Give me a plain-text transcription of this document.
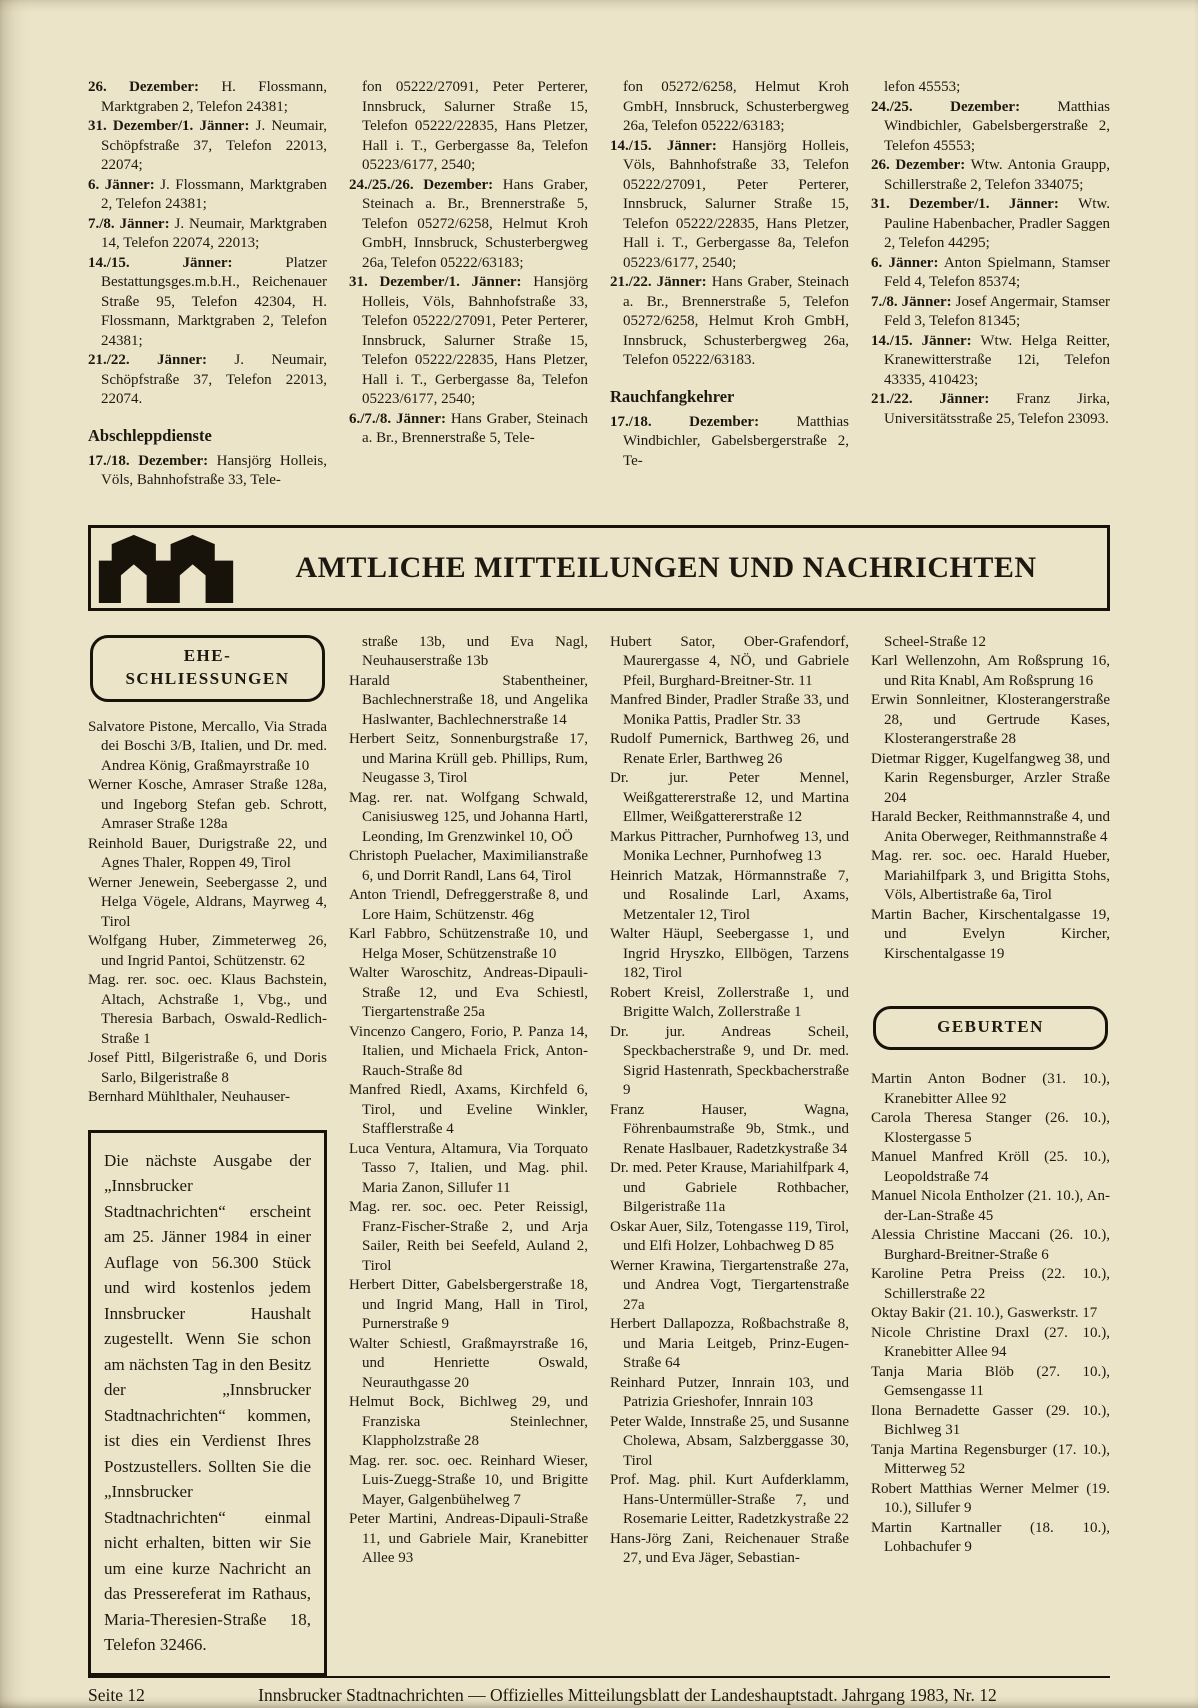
26. Dezember: H. Flossmann, Marktgraben 2, Telefon 24381;

31. Dezember/1. Jänner: J. Neumair, Schöpfstraße 37, Telefon 22013, 22074;

6. Jänner: J. Flossmann, Marktgraben 2, Telefon 24381;

7./8. Jänner: J. Neumair, Marktgraben 14, Telefon 22074, 22013;

14./15. Jänner: Platzer Bestattungsges.m.b.H., Reichenauer Straße 95, Telefon 42304, H. Flossmann, Marktgraben 2, Telefon 24381;

21./22. Jänner: J. Neumair, Schöpfstraße 37, Telefon 22013, 22074.

Abschleppdienste

17./18. Dezember: Hansjörg Holleis, Völs, Bahnhofstraße 33, Tele-

fon 05222/27091, Peter Perterer, Innsbruck, Salurner Straße 15, Telefon 05222/22835, Hans Pletzer, Hall i. T., Gerbergasse 8a, Telefon 05223/6177, 2540;

24./25./26. Dezember: Hans Graber, Steinach a. Br., Brennerstraße 5, Telefon 05272/6258, Helmut Kroh GmbH, Innsbruck, Schusterbergweg 26a, Telefon 05222/63183;

31. Dezember/1. Jänner: Hansjörg Holleis, Völs, Bahnhofstraße 33, Telefon 05222/27091, Peter Perterer, Innsbruck, Salurner Straße 15, Telefon 05222/22835, Hans Pletzer, Hall i. T., Gerbergasse 8a, Telefon 05223/6177, 2540;

6./7./8. Jänner: Hans Graber, Steinach a. Br., Brennerstraße 5, Tele-

fon 05272/6258, Helmut Kroh GmbH, Innsbruck, Schusterbergweg 26a, Telefon 05222/63183;

14./15. Jänner: Hansjörg Holleis, Völs, Bahnhofstraße 33, Telefon 05222/27091, Peter Perterer, Innsbruck, Salurner Straße 15, Telefon 05222/22835, Hans Pletzer, Hall i. T., Gerbergasse 8a, Telefon 05223/6177, 2540;

21./22. Jänner: Hans Graber, Steinach a. Br., Brennerstraße 5, Telefon 05272/6258, Helmut Kroh GmbH, Innsbruck, Schusterbergweg 26a, Telefon 05222/63183.

Rauchfangkehrer

17./18. Dezember: Matthias Windbichler, Gabelsbergerstraße 2, Te-

lefon 45553;

24./25. Dezember: Matthias Windbichler, Gabelsbergerstraße 2, Telefon 45553;

26. Dezember: Wtw. Antonia Graupp, Schillerstraße 2, Telefon 334075;

31. Dezember/1. Jänner: Wtw. Pauline Habenbacher, Pradler Saggen 2, Telefon 44295;

6. Jänner: Anton Spielmann, Stamser Feld 4, Telefon 85374;

7./8. Jänner: Josef Angermair, Stamser Feld 3, Telefon 81345;

14./15. Jänner: Wtw. Helga Reitter, Kranewitterstraße 12i, Telefon 43335, 410423;

21./22. Jänner: Franz Jirka, Universitätsstraße 25, Telefon 23093.

AMTLICHE MITTEILUNGEN UND NACHRICHTEN
EHE-
SCHLIESSUNGEN

Salvatore Pistone, Mercallo, Via Strada dei Boschi 3/B, Italien, und Dr. med. Andrea König, Graßmayrstraße 10

Werner Kosche, Amraser Straße 128a, und Ingeborg Stefan geb. Schrott, Amraser Straße 128a

Reinhold Bauer, Durigstraße 22, und Agnes Thaler, Roppen 49, Tirol

Werner Jenewein, Seebergasse 2, und Helga Vögele, Aldrans, Mayrweg 4, Tirol

Wolfgang Huber, Zimmeterweg 26, und Ingrid Pantoi, Schützenstr. 62

Mag. rer. soc. oec. Klaus Bachstein, Altach, Achstraße 1, Vbg., und Theresia Barbach, Oswald-Redlich-Straße 1

Josef Pittl, Bilgeristraße 6, und Doris Sarlo, Bilgeristraße 8

Bernhard Mühlthaler, Neuhauser-

Die nächste Ausgabe der „Innsbrucker Stadtnachrichten“ erscheint am 25. Jänner 1984 in einer Auflage von 56.300 Stück und wird kostenlos jedem Innsbrucker Haushalt zugestellt. Wenn Sie schon am nächsten Tag in den Besitz der „Innsbrucker Stadtnachrichten“ kommen, ist dies ein Verdienst Ihres Postzustellers. Sollten Sie die „Innsbrucker Stadtnachrichten“ einmal nicht erhalten, bitten wir Sie um eine kurze Nachricht an das Pressereferat im Rathaus, Maria-Theresien-Straße 18, Telefon 32466.

straße 13b, und Eva Nagl, Neuhauserstraße 13b

Harald Stabentheiner, Bachlechnerstraße 18, und Angelika Haslwanter, Bachlechnerstraße 14

Herbert Seitz, Sonnenburgstraße 17, und Marina Krüll geb. Phillips, Rum, Neugasse 3, Tirol

Mag. rer. nat. Wolfgang Schwald, Canisiusweg 125, und Johanna Hartl, Leonding, Im Grenzwinkel 10, OÖ

Christoph Puelacher, Maximilianstraße 6, und Dorrit Randl, Lans 64, Tirol

Anton Triendl, Defreggerstraße 8, und Lore Haim, Schützenstr. 46g

Karl Fabbro, Schützenstraße 10, und Helga Moser, Schützenstraße 10

Walter Waroschitz, Andreas-Dipauli-Straße 12, und Eva Schiestl, Tiergartenstraße 25a

Vincenzo Cangero, Forio, P. Panza 14, Italien, und Michaela Frick, Anton-Rauch-Straße 8d

Manfred Riedl, Axams, Kirchfeld 6, Tirol, und Eveline Winkler, Stafflerstraße 4

Luca Ventura, Altamura, Via Torquato Tasso 7, Italien, und Mag. phil. Maria Zanon, Sillufer 11

Mag. rer. soc. oec. Peter Reissigl, Franz-Fischer-Straße 2, und Arja Sailer, Reith bei Seefeld, Auland 2, Tirol

Herbert Ditter, Gabelsbergerstraße 18, und Ingrid Mang, Hall in Tirol, Purnerstraße 9

Walter Schiestl, Graßmayrstraße 16, und Henriette Oswald, Neurauthgasse 20

Helmut Bock, Bichlweg 29, und Franziska Steinlechner, Klappholzstraße 28

Mag. rer. soc. oec. Reinhard Wieser, Luis-Zuegg-Straße 10, und Brigitte Mayer, Galgenbühelweg 7

Peter Martini, Andreas-Dipauli-Straße 11, und Gabriele Mair, Kranebitter Allee 93

Hubert Sator, Ober-Grafendorf, Maurergasse 4, NÖ, und Gabriele Pfeil, Burghard-Breitner-Str. 11

Manfred Binder, Pradler Straße 33, und Monika Pattis, Pradler Str. 33

Rudolf Pumernick, Barthweg 26, und Renate Erler, Barthweg 26

Dr. jur. Peter Mennel, Weißgattererstraße 12, und Martina Ellmer, Weißgattererstraße 12

Markus Pittracher, Purnhofweg 13, und Monika Lechner, Purnhofweg 13

Heinrich Matzak, Hörmannstraße 7, und Rosalinde Larl, Axams, Metzentaler 12, Tirol

Walter Häupl, Seebergasse 1, und Ingrid Hryszko, Ellbögen, Tarzens 182, Tirol

Robert Kreisl, Zollerstraße 1, und Brigitte Walch, Zollerstraße 1

Dr. jur. Andreas Scheil, Speckbacherstraße 9, und Dr. med. Sigrid Hastenrath, Speckbacherstraße 9

Franz Hauser, Wagna, Föhrenbaumstraße 9b, Stmk., und Renate Haslbauer, Radetzkystraße 34

Dr. med. Peter Krause, Mariahilfpark 4, und Gabriele Rothbacher, Bilgeristraße 11a

Oskar Auer, Silz, Totengasse 119, Tirol, und Elfi Holzer, Lohbachweg D 85

Werner Krawina, Tiergartenstraße 27a, und Andrea Vogt, Tiergartenstraße 27a

Herbert Dallapozza, Roßbachstraße 8, und Maria Leitgeb, Prinz-Eugen-Straße 64

Reinhard Putzer, Innrain 103, und Patrizia Grieshofer, Innrain 103

Peter Walde, Innstraße 25, und Susanne Cholewa, Absam, Salzberggasse 30, Tirol

Prof. Mag. phil. Kurt Aufderklamm, Hans-Untermüller-Straße 7, und Rosemarie Leitter, Radetzkystraße 22

Hans-Jörg Zani, Reichenauer Straße 27, und Eva Jäger, Sebastian-

Scheel-Straße 12

Karl Wellenzohn, Am Roßsprung 16, und Rita Knabl, Am Roßsprung 16

Erwin Sonnleitner, Klosterangerstraße 28, und Gertrude Kases, Klosterangerstraße 28

Dietmar Rigger, Kugelfangweg 38, und Karin Regensburger, Arzler Straße 204

Harald Becker, Reithmannstraße 4, und Anita Oberweger, Reithmannstraße 4

Mag. rer. soc. oec. Harald Hueber, Mariahilfpark 3, und Brigitta Stohs, Völs, Albertistraße 6a, Tirol

Martin Bacher, Kirschentalgasse 19, und Evelyn Kircher, Kirschentalgasse 19

GEBURTEN

Martin Anton Bodner (31. 10.), Kranebitter Allee 92

Carola Theresa Stanger (26. 10.), Klostergasse 5

Manuel Manfred Kröll (25. 10.), Leopoldstraße 74

Manuel Nicola Entholzer (21. 10.), An-der-Lan-Straße 45

Alessia Christine Maccani (26. 10.), Burghard-Breitner-Straße 6

Karoline Petra Preiss (22. 10.), Schillerstraße 22

Oktay Bakir (21. 10.), Gaswerkstr. 17

Nicole Christine Draxl (27. 10.), Kranebitter Allee 94

Tanja Maria Blöb (27. 10.), Gemsengasse 11

Ilona Bernadette Gasser (29. 10.), Bichlweg 31

Tanja Martina Regensburger (17. 10.), Mitterweg 52

Robert Matthias Werner Melmer (19. 10.), Sillufer 9

Martin Kartnaller (18. 10.), Lohbachufer 9

Seite 12	Innsbrucker Stadtnachrichten — Offizielles Mitteilungsblatt der Landeshauptstadt. Jahrgang 1983, Nr. 12
